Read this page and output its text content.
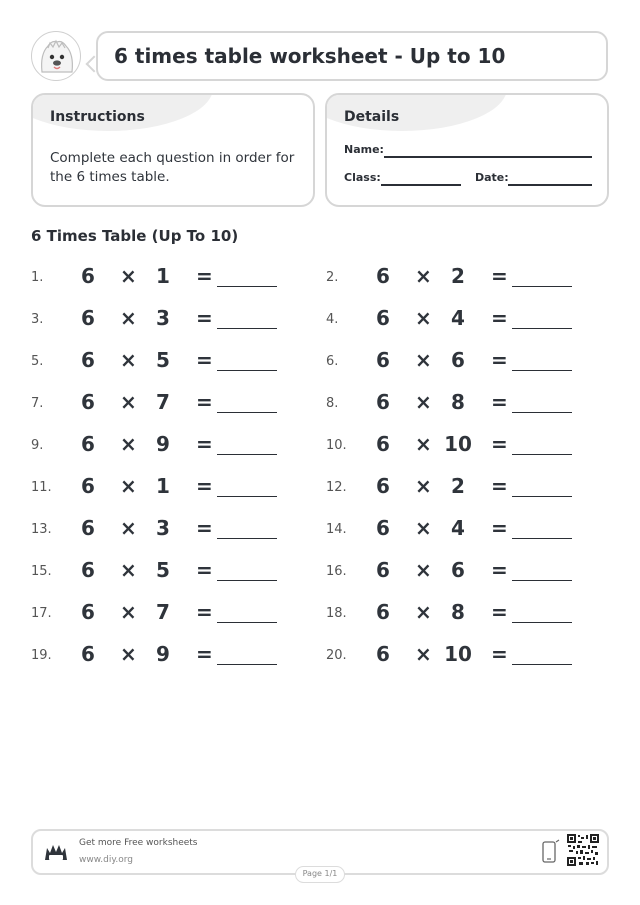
6 times table worksheet - Up to 10
Instructions
Complete each question in order for the 6 times table.
Details
Name:
Class:	Date:
6 Times Table (Up To 10)
1. 6 × 1	=	2. 6 × 2	=
3. 6 × 3	=	4. 6 × 4	=
5. 6 × 5	=	6. 6 × 6	=
7. 6 × 7	=	8. 6 × 8	=
9. 6 × 9	=	10. 6 × 10 =
11. 6 × 1	=	12. 6 × 2	=
13. 6 × 3	=	14. 6 × 4	=
15. 6 × 5	=	16. 6 × 6	=
17. 6 × 7	=	18. 6 × 8	=
19. 6 × 9	=	20. 6 × 10 =
Get more Free worksheets
www.diy.org
Page 1/1
